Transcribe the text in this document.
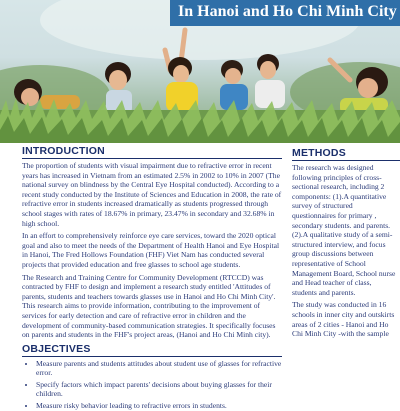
In Hanoi and Ho Chi Minh City
INTRODUCTION

The proportion of students with visual impairment due to refractive error in recent years has increased in Vietnam from an estimated 2.5% in 2002 to 10% in 2007 (The national survey on blindness by the Central Eye Hospital conducted). According to a recent study conducted by the Institute of Sciences and Education in 2008, the rate of refractive error in students increased dramatically as students progressed through school stages with rates of 18.67% in primary, 23.47% in secondary and 32.68% in high school.

In an effort to comprehensively reinforce eye care services, toward the 2020 optical goal and also to meet the needs of the Department of Health Hanoi and Eye Hospital in Hanoi, The Fred Hollows Foundation (FHF) Viet Nam has conducted several projects that provided education and free glasses to school age students.

The Research and Training Centre for Community Development (RTCCD) was contracted by FHF to design and implement a research study entitled 'Attitudes of parents, students and teachers towards glasses use in Hanoi and Ho Chi Minh City'. This research aims to provide information, contributing to the improvement of services for early detection and care of refractive error in children and the development of community-based communication strategies. It specifically focuses on parents and students in the FHF's project areas, (Hanoi and Ho Chi Minh city).

OBJECTIVES
• Measure parents and students attitudes about student use of glasses for refractive error.
• Specify factors which impact parents' decisions about buying glasses for their children.
• Measure risky behavior leading to refractive errors in students.
METHODS

The research was designed following principles of cross-sectional research, including 2 components: (1).A quantitative survey of structured questionnaires for primary , secondary students. and parents. (2).A qualitative study of a semi-structured interview, and focus group discussions between representative of School Management Board, School nurse and Head teacher of class, students and parents.

The study was conducted in 16 schools in inner city and outskirts areas of 2 cities - Hanoi and Ho Chi Minh City -with the sample
